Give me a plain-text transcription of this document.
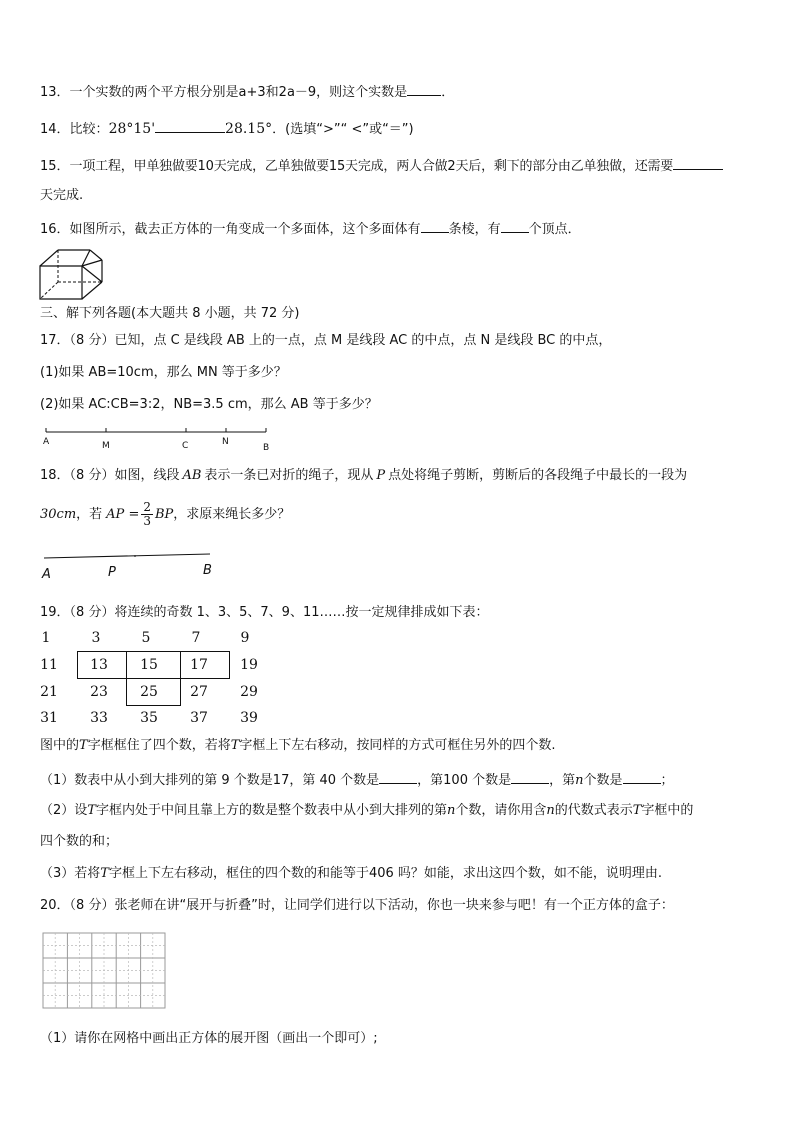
13．一个实数的两个平方根分别是a+3和2a－9，则这个实数是	．
14．比较：28°15'	28.15°．(选填“>”“ <”或“＝”)
15．一项工程，甲单独做要10天完成，乙单独做要15天完成，两人合做2天后，剩下的部分由乙单独做，还需要
天完成.
16．如图所示，截去正方体的一角变成一个多面体，这个多面体有 条棱，有 个顶点．
三、解下列各题(本大题共 8 小题，共 72 分)
17．（8 分）已知，点 C 是线段 AB 上的一点，点 M 是线段 AC 的中点，点 N 是线段 BC 的中点，
(1)如果 AB=10cm，那么 MN 等于多少？
(2)如果 AC:CB=3:2，NB=3.5 cm，那么 AB 等于多少？
A	M	C	N
B
18．（8 分）如图，线段 AB 表示一条已对折的绳子，现从 P 点处将绳子剪断，剪断后的各段绳子中最长的一段为
30cm，若 AP = $\frac{2}{3}$ BP，求原来绳长多少？
A	P	B
19．（8 分）将连续的奇数 1、3、5、7、9、11……按一定规律排成如下表：
1	3	5	7	9
11	13	15	17	19
21	23	25	27	29
31	33	35	37	39
图中的T字框框住了四个数，若将T字框上下左右移动，按同样的方式可框住另外的四个数.
（1）数表中从小到大排列的第 9 个数是17，第 40 个数是	，第100 个数是	，第n个数是	；
（2）设T字框内处于中间且靠上方的数是整个数表中从小到大排列的第n个数，请你用含n的代数式表示T字框中的
四个数的和；
（3）若将T字框上下左右移动，框住的四个数的和能等于406 吗？如能，求出这四个数，如不能，说明理由.
20．（8 分）张老师在讲“展开与折叠”时，让同学们进行以下活动，你也一块来参与吧！有一个正方体的盒子：
（1）请你在网格中画出正方体的展开图（画出一个即可）;
